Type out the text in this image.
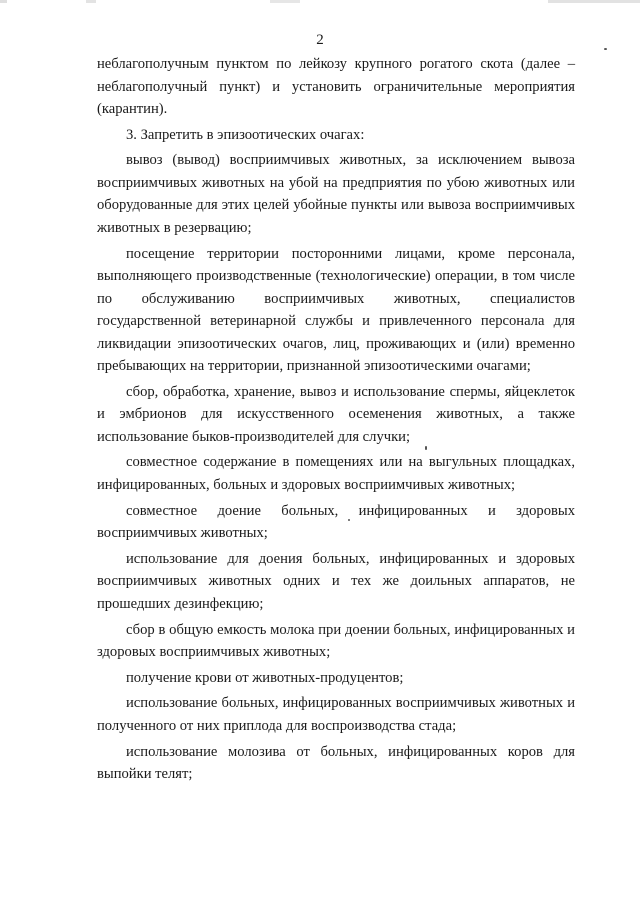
2

неблагополучным пунктом по лейкозу крупного рогатого скота (далее – неблагополучный пункт) и установить ограничительные мероприятия (карантин).

3. Запретить в эпизоотических очагах:

вывоз (вывод) восприимчивых животных, за исключением вывоза восприимчивых животных на убой на предприятия по убою животных или оборудованные для этих целей убойные пункты или вывоза восприимчивых животных в резервацию;

посещение территории посторонними лицами, кроме персонала, выполняющего производственные (технологические) операции, в том числе по обслуживанию восприимчивых животных, специалистов государственной ветеринарной службы и привлеченного персонала для ликвидации эпизоотических очагов, лиц, проживающих и (или) временно пребывающих на территории, признанной эпизоотическими очагами;

сбор, обработка, хранение, вывоз и использование спермы, яйцеклеток и эмбрионов для искусственного осеменения животных, а также использование быков-производителей для случки;

совместное содержание в помещениях или на выгульных площадках, инфицированных, больных и здоровых восприимчивых животных;

совместное доение больных, инфицированных и здоровых восприимчивых животных;

использование для доения больных, инфицированных и здоровых восприимчивых животных одних и тех же доильных аппаратов, не прошедших дезинфекцию;

сбор в общую емкость молока при доении больных, инфицированных и здоровых восприимчивых животных;

получение крови от животных-продуцентов;

использование больных, инфицированных восприимчивых животных и полученного от них приплода для воспроизводства стада;

использование молозива от больных, инфицированных коров для выпойки телят;
